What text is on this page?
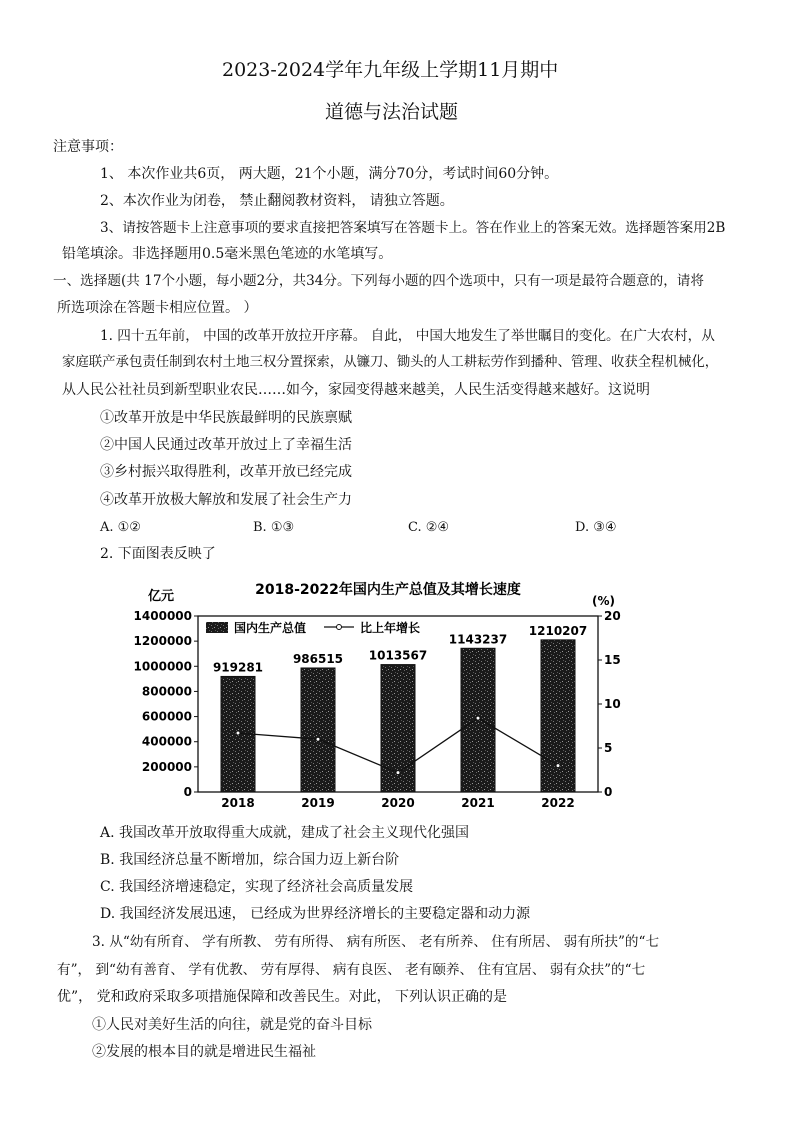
2023-2024学年九年级上学期11月期中
道德与法治试题
注意事项：
1、 本次作业共6页， 两大题，21个小题，满分70分，考试时间60分钟。
2、本次作业为闭卷， 禁止翻阅教材资料， 请独立答题。
3、请按答题卡上注意事项的要求直接把答案填写在答题卡上。答在作业上的答案无效。选择题答案用2B
铅笔填涂。非选择题用0.5毫米黑色笔迹的水笔填写。
一、选择题(共 17个小题，每小题2分，共34分。下列每小题的四个选项中，只有一项是最符合题意的，请将
所选项涂在答题卡相应位置。 ）
1. 四十五年前， 中国的改革开放拉开序幕。 自此， 中国大地发生了举世瞩目的变化。在广大农村，从
家庭联产承包责任制到农村土地三权分置探索，从镰刀、锄头的人工耕耘劳作到播种、管理、收获全程机械化，
从人民公社社员到新型职业农民……如今，家园变得越来越美，人民生活变得越来越好。这说明
①改革开放是中华民族最鲜明的民族禀赋
②中国人民通过改革开放过上了幸福生活
③乡村振兴取得胜利，改革开放已经完成
④改革开放极大解放和发展了社会生产力
A. ①②	B. ①③	C. ②④	D. ③④
2. 下面图表反映了
2018-2022年国内生产总值及其增长速度
亿元	(%)
0
200000
400000
600000
800000
1000000
1200000
1400000
0
5
10
15
20
919281
986515 1013567
1143237
1210207
2018	2019	2020	2021	2022
国内生产总值	比上年增长
A. 我国改革开放取得重大成就，建成了社会主义现代化强国
B. 我国经济总量不断增加，综合国力迈上新台阶
C. 我国经济增速稳定，实现了经济社会高质量发展
D. 我国经济发展迅速， 已经成为世界经济增长的主要稳定器和动力源
3. 从“幼有所育、 学有所教、 劳有所得、 病有所医、 老有所养、 住有所居、 弱有所扶”的“七
有”， 到“幼有善育、 学有优教、 劳有厚得、 病有良医、 老有颐养、 住有宜居、 弱有众扶”的“七
优”， 党和政府采取多项措施保障和改善民生。对此， 下列认识正确的是
①人民对美好生活的向往，就是党的奋斗目标
②发展的根本目的就是增进民生福祉
